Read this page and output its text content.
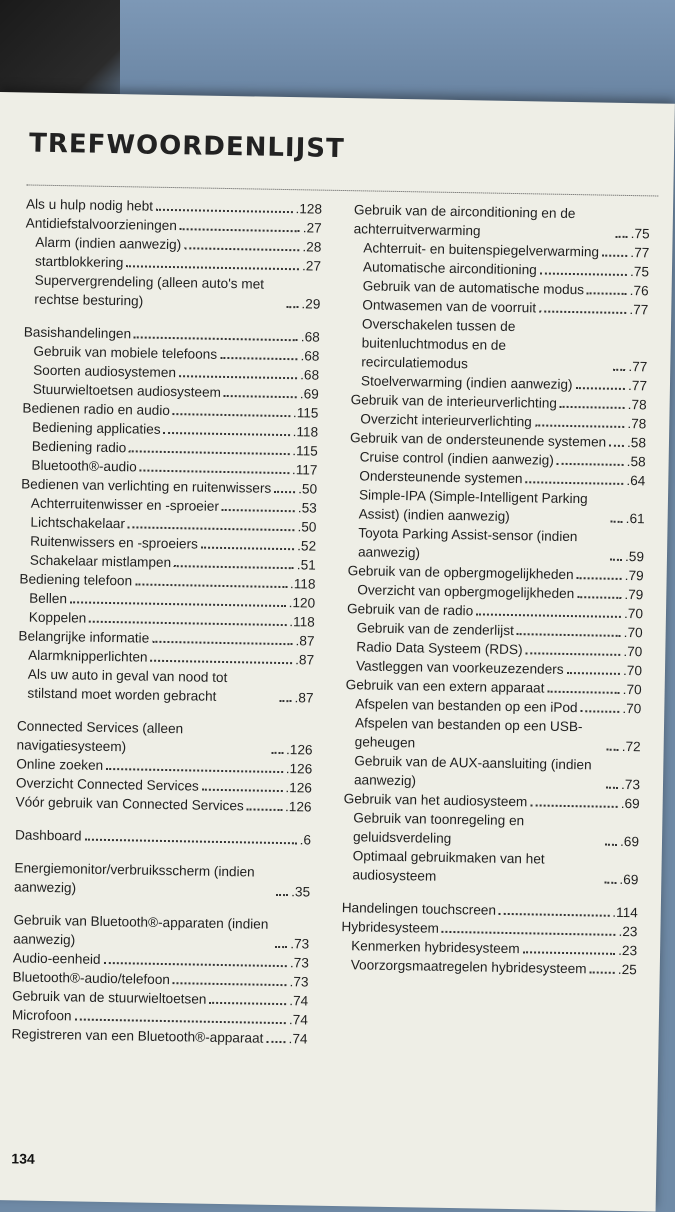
TREFWOORDENLIJST
Als u hulp nodig hebt	.128
Antidiefstalvoorzieningen	.27
Alarm (indien aanwezig)	.28
startblokkering	.27
Supervergrendeling (alleen auto's met rechtse besturing)	.29
Basishandelingen	.68
Gebruik van mobiele telefoons	.68
Soorten audiosystemen	.68
Stuurwieltoetsen audiosysteem	.69
Bedienen radio en audio	.115
Bediening applicaties	.118
Bediening radio	.115
Bluetooth®-audio	.117
Bedienen van verlichting en ruitenwissers .50
Achterruitenwisser en -sproeier	.53
Lichtschakelaar	.50
Ruitenwissers en -sproeiers	.52
Schakelaar mistlampen	.51
Bediening telefoon	.118
Bellen	.120
Koppelen	.118
Belangrijke informatie	.87
Alarmknipperlichten	.87
Als uw auto in geval van nood tot stilstand moet worden gebracht	.87
Connected Services (alleen navigatiesysteem)	.126
Online zoeken	.126
Overzicht Connected Services	.126
Vóór gebruik van Connected Services	.126
Dashboard	.6
Energiemonitor/verbruiksscherm (indien aanwezig)	.35
Gebruik van Bluetooth®-apparaten (indien aanwezig)	.73
Audio-eenheid	.73
Bluetooth®-audio/telefoon	.73
Gebruik van de stuurwieltoetsen	.74
Microfoon	.74
Registreren van een Bluetooth®-apparaat .74
Gebruik van de airconditioning en de achterruitverwarming	.75
Achterruit- en buitenspiegelverwarming .77
Automatische airconditioning	.75
Gebruik van de automatische modus	.76
Ontwasemen van de voorruit	.77
Overschakelen tussen de buitenluchtmodus en de recirculatiemodus	.77
Stoelverwarming (indien aanwezig)	.77
Gebruik van de interieurverlichting	.78
Overzicht interieurverlichting	.78
Gebruik van de ondersteunende systemen .58
Cruise control (indien aanwezig)	.58
Ondersteunende systemen	.64
Simple-IPA (Simple-Intelligent Parking Assist) (indien aanwezig)	.61
Toyota Parking Assist-sensor (indien aanwezig)	.59
Gebruik van de opbergmogelijkheden	.79
Overzicht van opbergmogelijkheden	.79
Gebruik van de radio	.70
Gebruik van de zenderlijst	.70
Radio Data Systeem (RDS)	.70
Vastleggen van voorkeuzezenders	.70
Gebruik van een extern apparaat	.70
Afspelen van bestanden op een iPod	.70
Afspelen van bestanden op een USB-geheugen	.72
Gebruik van de AUX-aansluiting (indien aanwezig)	.73
Gebruik van het audiosysteem	.69
Gebruik van toonregeling en geluidsverdeling	.69
Optimaal gebruikmaken van het audiosysteem	.69
Handelingen touchscreen	.114
Hybridesysteem	.23
Kenmerken hybridesysteem	.23
Voorzorgsmaatregelen hybridesysteem .25
134
